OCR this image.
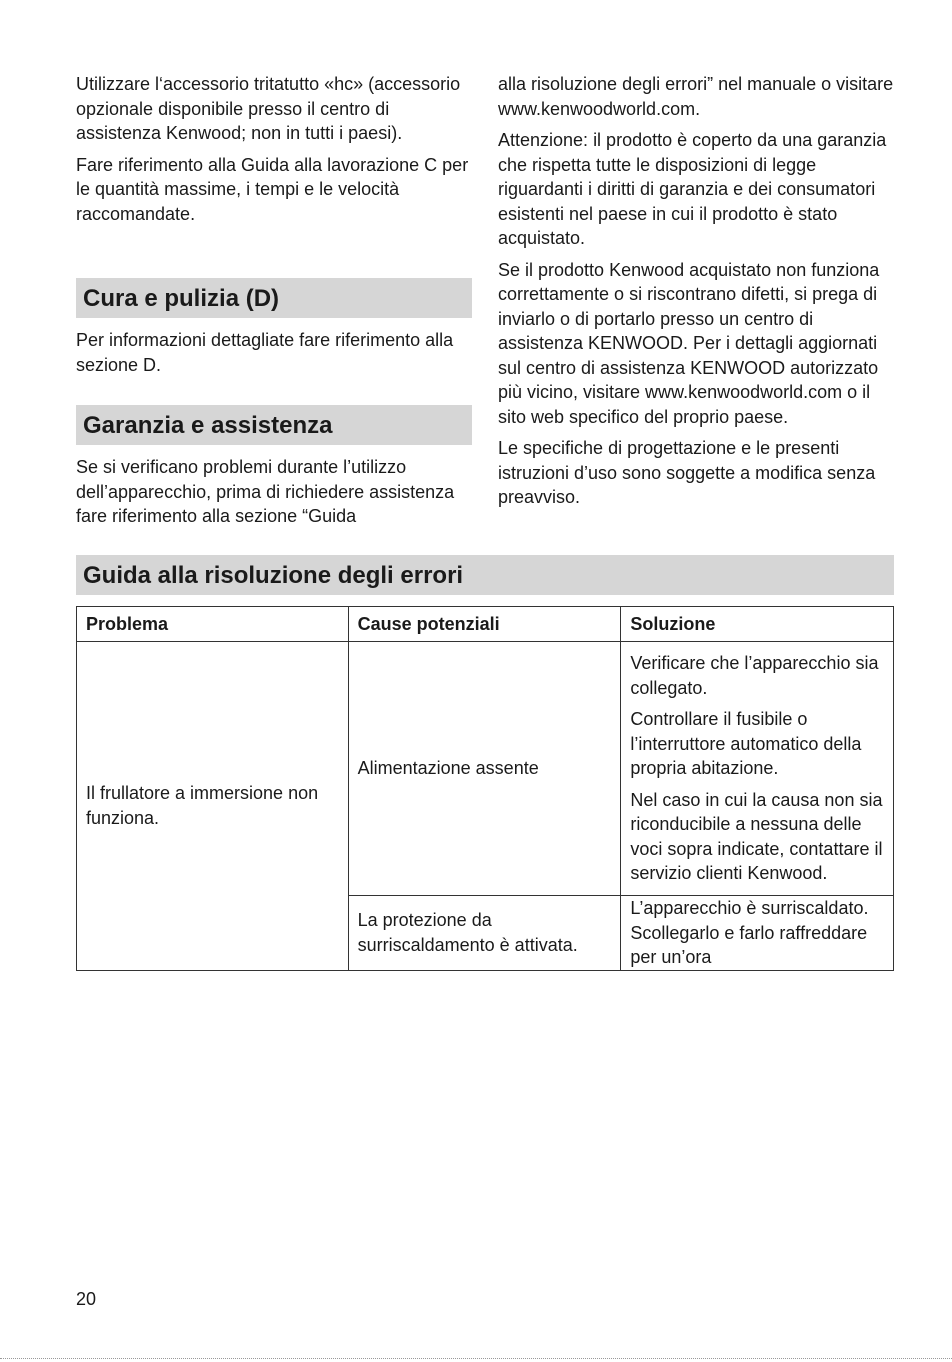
Utilizzare l‘accessorio tritatutto «hc» (accessorio opzionale disponibile presso il centro di assistenza Kenwood; non in tutti i paesi).

Fare riferimento alla Guida alla lavorazione C per le quantità massime, i tempi e le velocità raccomandate.

Cura e pulizia (D)

Per informazioni dettagliate fare riferimento alla sezione D.

Garanzia e assistenza

Se si verificano problemi durante l’utilizzo dell’apparecchio, prima di richiedere assistenza fare riferimento alla sezione “Guida

alla risoluzione degli errori” nel manuale o visitare www.kenwoodworld.com.

Attenzione: il prodotto è coperto da una garanzia che rispetta tutte le disposizioni di legge riguardanti i diritti di garanzia e dei consumatori esistenti nel paese in cui il prodotto è stato acquistato.

Se il prodotto Kenwood acquistato non funziona correttamente o si riscontrano difetti, si prega di inviarlo o di portarlo presso un centro di assistenza KENWOOD. Per i dettagli aggiornati sul centro di assistenza KENWOOD autorizzato più vicino, visitare www.kenwoodworld.com o il sito web specifico del proprio paese.

Le specifiche di progettazione e le presenti istruzioni d’uso sono soggette a modifica senza preavviso.

Guida alla risoluzione degli errori
Problema	Cause potenziali	Soluzione
Il frullatore a immersione non funziona.	Alimentazione assente	Verificare che l’apparecchio sia collegato.

Controllare il fusibile o l’interruttore automatico della propria abitazione.

Nel caso in cui la causa non sia riconducibile a nessuna delle voci sopra indicate, contattare il servizio clienti Kenwood.

	La protezione da surriscaldamento è attivata.	L’apparecchio è surriscaldato. Scollegarlo e farlo raffreddare per un’ora

20
